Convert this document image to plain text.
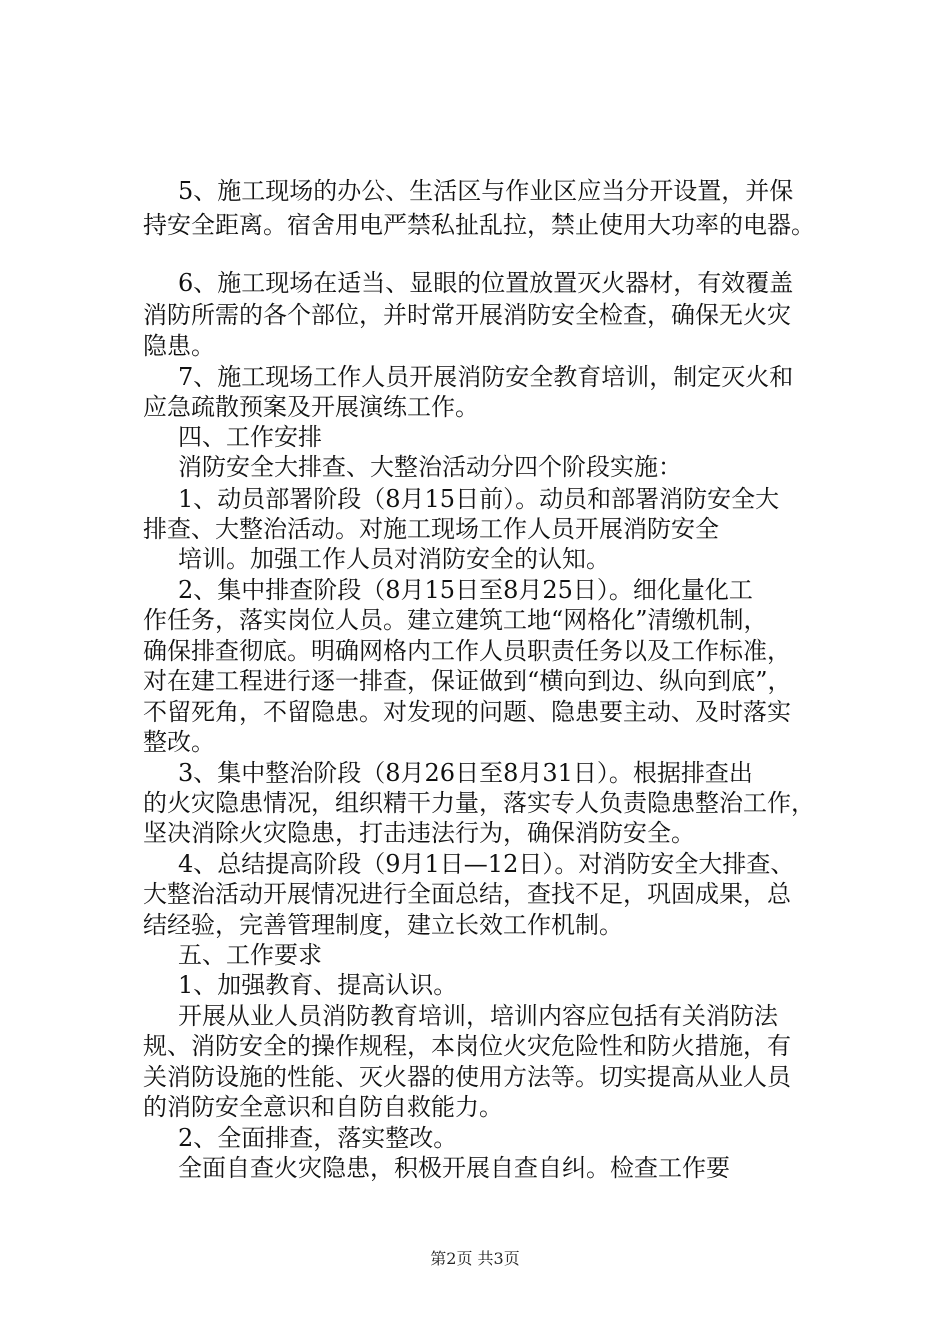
5、施工现场的办公、生活区与作业区应当分开设置，并保
持安全距离。宿舍用电严禁私扯乱拉，禁止使用大功率的电器。
6、施工现场在适当、显眼的位置放置灭火器材，有效覆盖
消防所需的各个部位，并时常开展消防安全检查，确保无火灾
隐患。
7、施工现场工作人员开展消防安全教育培训，制定灭火和
应急疏散预案及开展演练工作。
四、工作安排
消防安全大排查、大整治活动分四个阶段实施：
1、动员部署阶段（8月15日前）。动员和部署消防安全大
排查、大整治活动。对施工现场工作人员开展消防安全
培训。加强工作人员对消防安全的认知。
2、集中排查阶段（8月15日至8月25日）。细化量化工
作任务，落实岗位人员。建立建筑工地“网格化”清缴机制，
确保排查彻底。明确网格内工作人员职责任务以及工作标准，
对在建工程进行逐一排查，保证做到“横向到边、纵向到底”，
不留死角，不留隐患。对发现的问题、隐患要主动、及时落实
整改。
3、集中整治阶段（8月26日至8月31日）。根据排查出
的火灾隐患情况，组织精干力量，落实专人负责隐患整治工作，
坚决消除火灾隐患，打击违法行为，确保消防安全。
4、总结提高阶段（9月1日—12日）。对消防安全大排查、
大整治活动开展情况进行全面总结，查找不足，巩固成果，总
结经验，完善管理制度，建立长效工作机制。
五、工作要求
1、加强教育、提高认识。
开展从业人员消防教育培训，培训内容应包括有关消防法
规、消防安全的操作规程，本岗位火灾危险性和防火措施，有
关消防设施的性能、灭火器的使用方法等。切实提高从业人员
的消防安全意识和自防自救能力。
2、全面排查，落实整改。
全面自查火灾隐患，积极开展自查自纠。检查工作要
第2页 共3页
